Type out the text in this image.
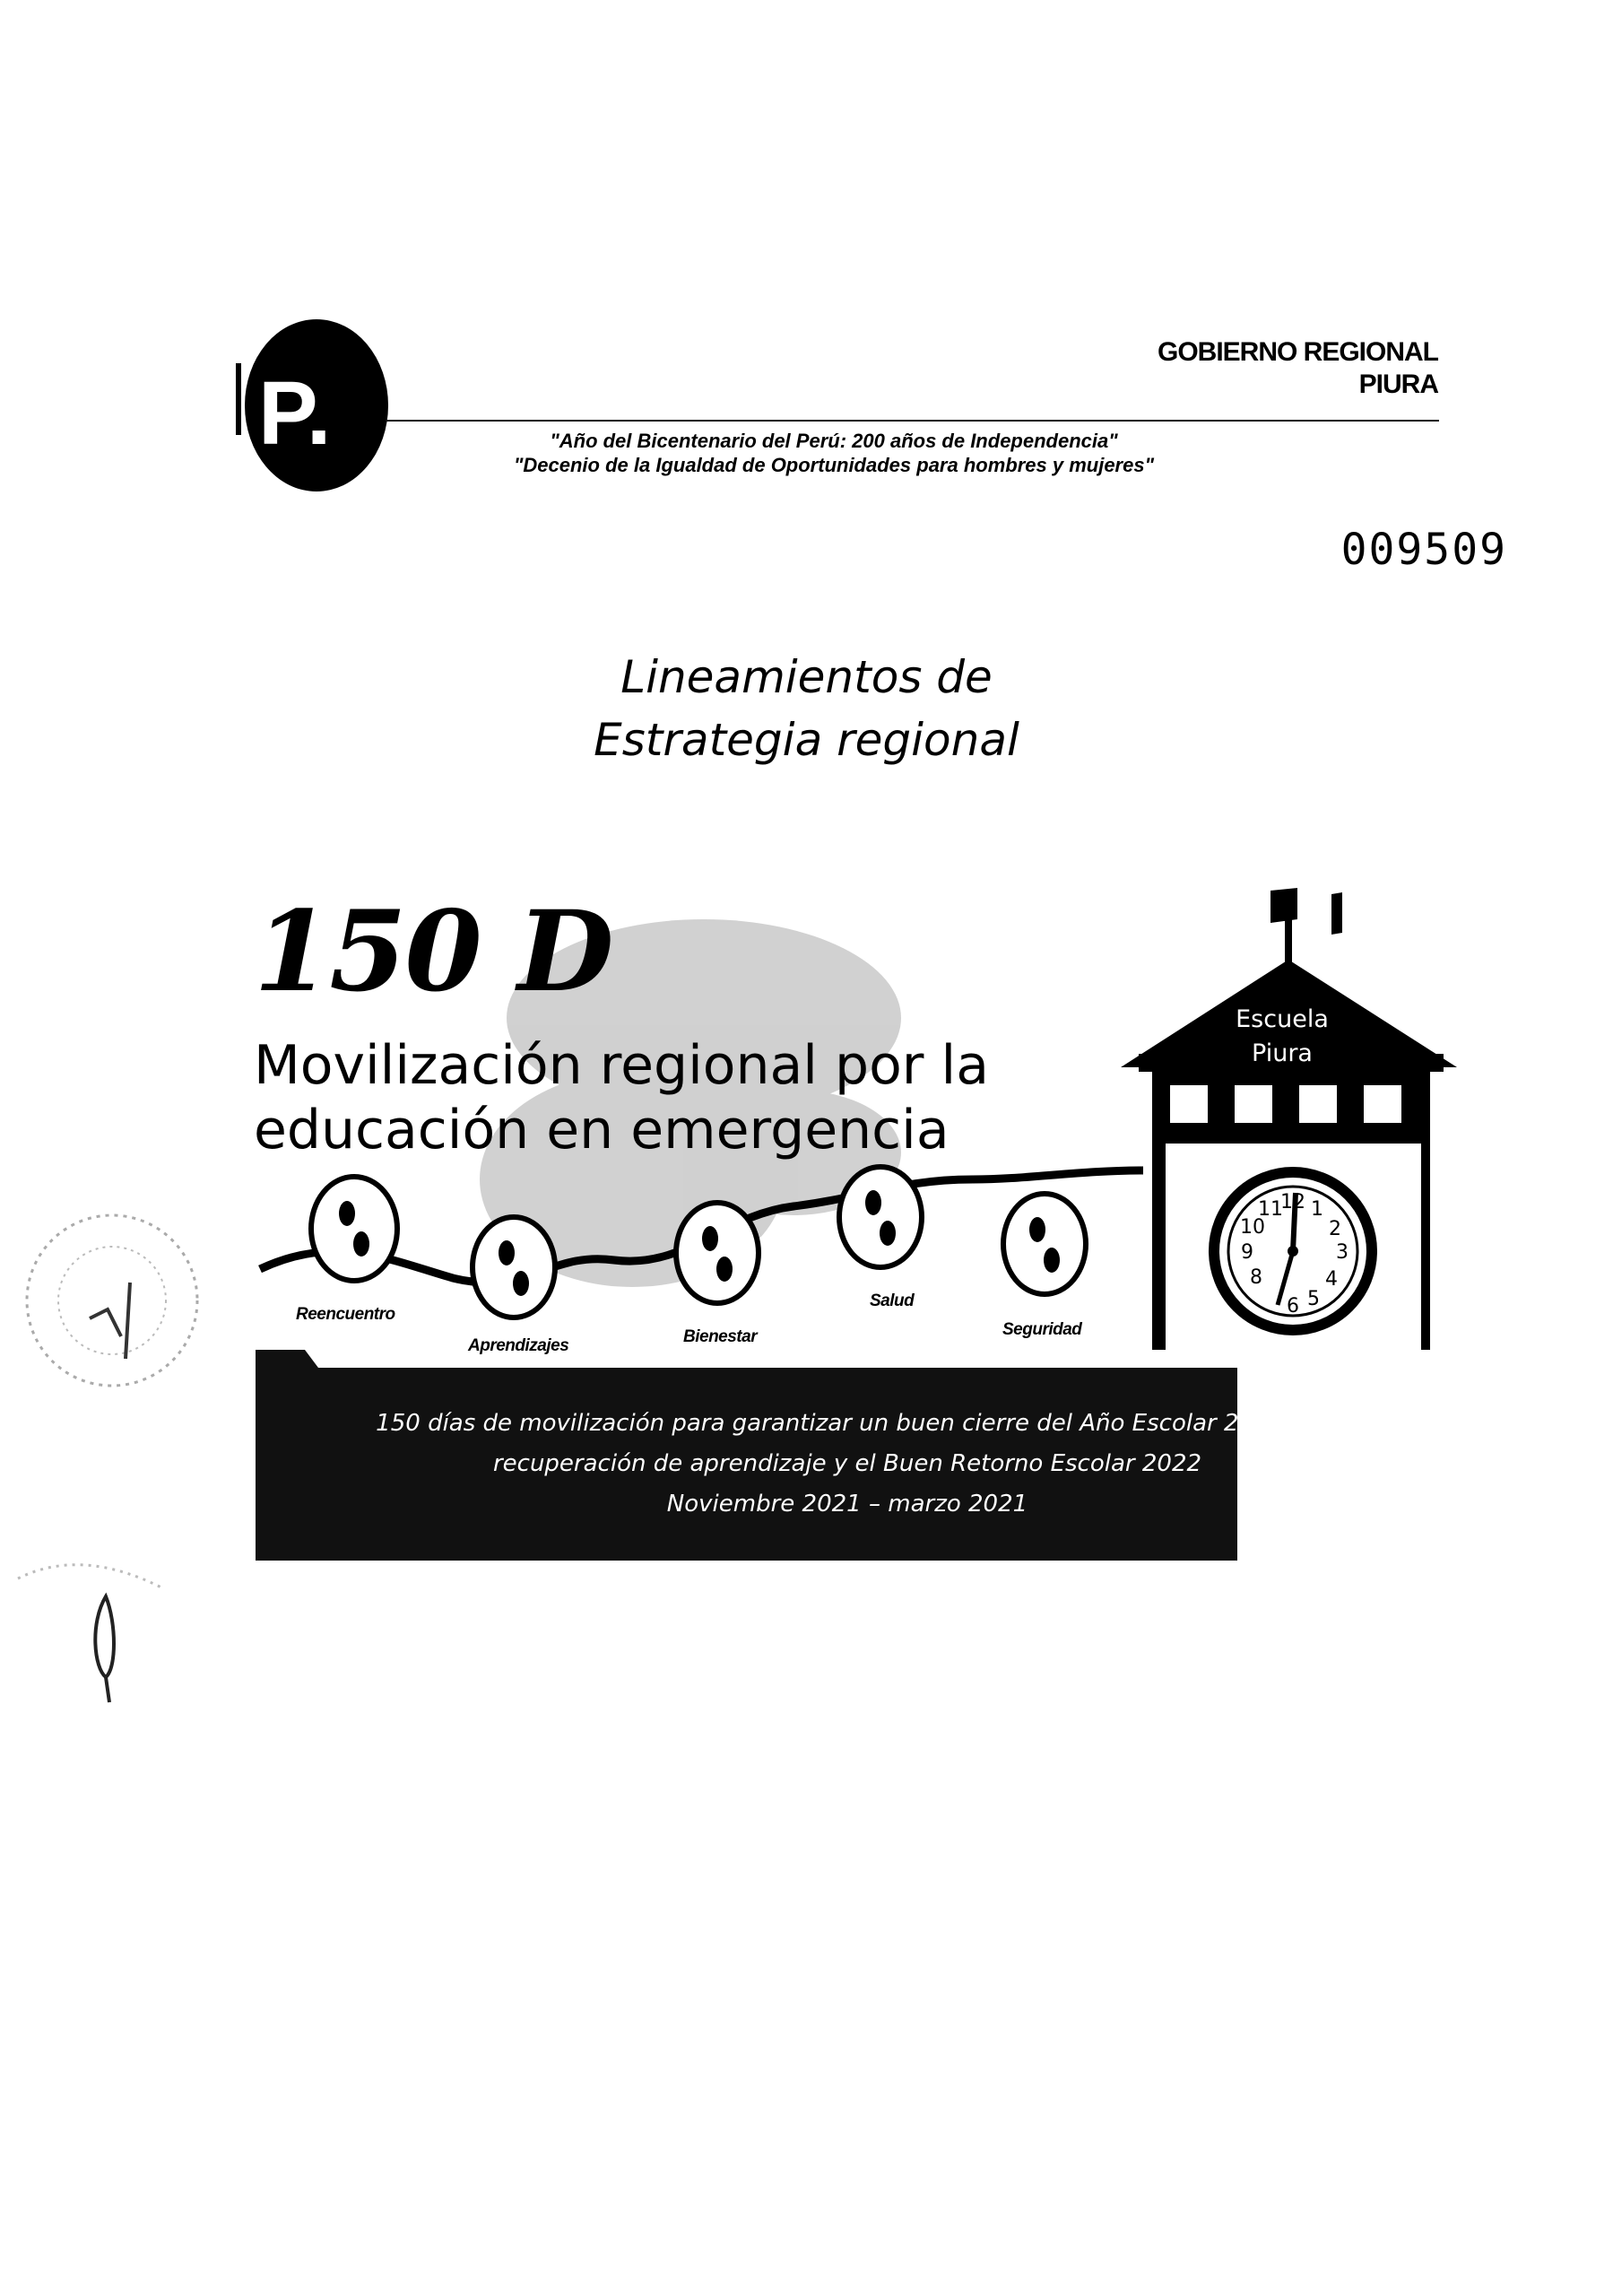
P.
GOBIERNO REGIONAL
PIURA
"Año del Bicentenario del Perú: 200 años de Independencia"
"Decenio de la Igualdad de Oportunidades para hombres y mujeres"
009509
Lineamientos de
Estrategia regional
12 1
2
3
4
5
6
8
9
10
11
150 D
Movilización regional por la
educación en emergencia
Reencuentro
Aprendizajes	Bienestar
Salud
Seguridad
Escuela
Piura
150 días de movilización para garantizar un buen cierre del Año Escolar 2021, la
recuperación de aprendizaje y el Buen Retorno Escolar 2022
Noviembre 2021 – marzo 2021
